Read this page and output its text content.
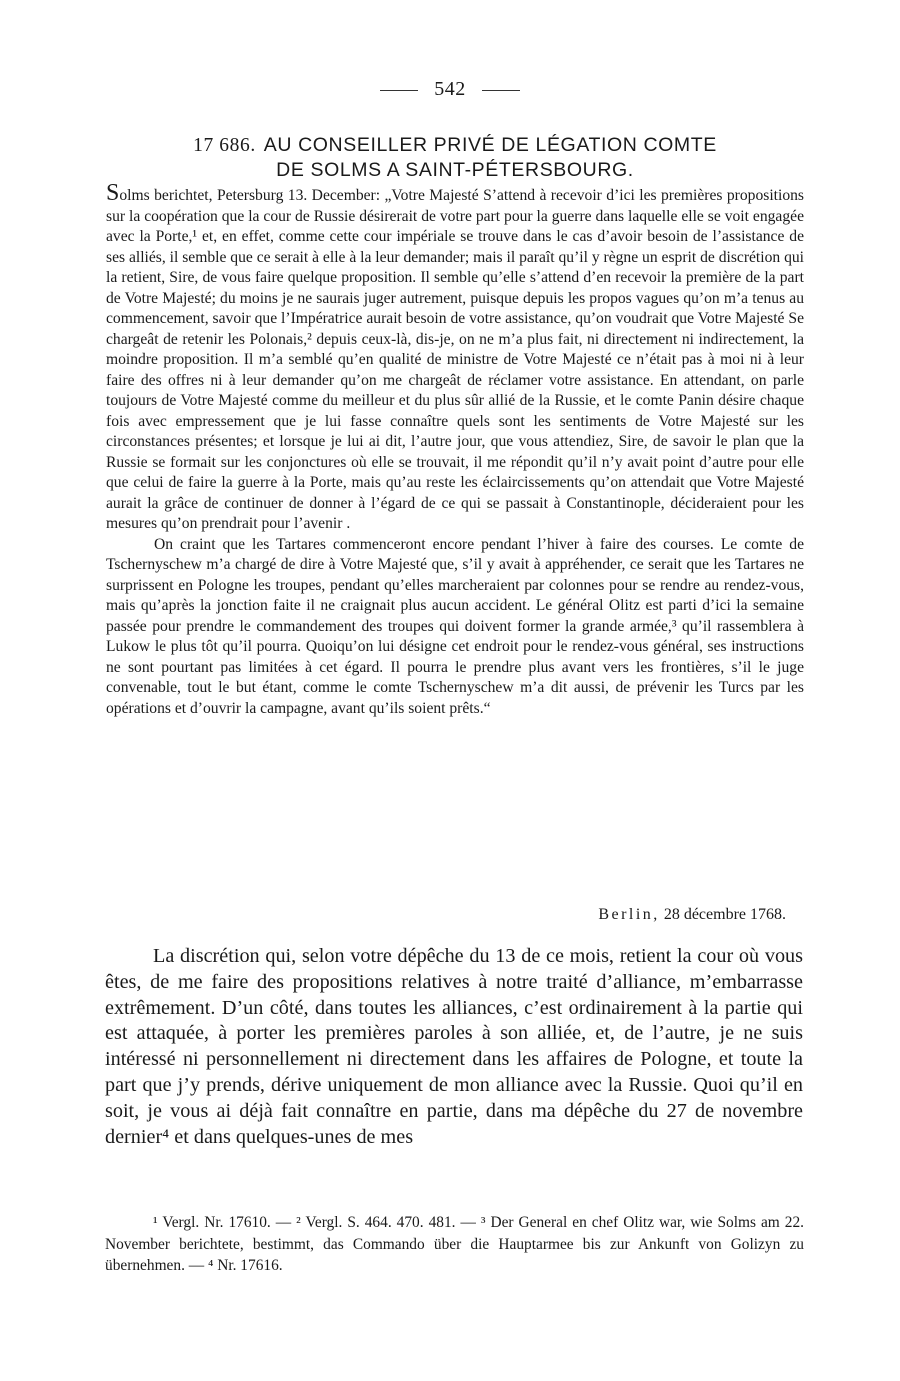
542
17 686. AU CONSEILLER PRIVÉ DE LÉGATION COMTE
DE SOLMS A SAINT-PÉTERSBOURG.

Solms berichtet, Petersburg 13. December: „Votre Majesté S’attend à recevoir d’ici les premières propositions sur la coopération que la cour de Russie désirerait de votre part pour la guerre dans laquelle elle se voit engagée avec la Porte,¹ et, en effet, comme cette cour impériale se trouve dans le cas d’avoir besoin de l’assistance de ses alliés, il semble que ce serait à elle à la leur demander; mais il paraît qu’il y règne un esprit de discrétion qui la retient, Sire, de vous faire quelque proposition. Il semble qu’elle s’attend d’en recevoir la première de la part de Votre Majesté; du moins je ne saurais juger autrement, puisque depuis les propos vagues qu’on m’a tenus au commencement, savoir que l’Impératrice aurait besoin de votre assistance, qu’on voudrait que Votre Majesté Se chargeât de retenir les Polonais,² depuis ceux-là, dis-je, on ne m’a plus fait, ni directement ni indirectement, la moindre proposition. Il m’a semblé qu’en qualité de ministre de Votre Majesté ce n’était pas à moi ni à leur faire des offres ni à leur demander qu’on me chargeât de réclamer votre assistance. En attendant, on parle toujours de Votre Majesté comme du meilleur et du plus sûr allié de la Russie, et le comte Panin désire chaque fois avec empressement que je lui fasse connaître quels sont les sentiments de Votre Majesté sur les circonstances présentes; et lorsque je lui ai dit, l’autre jour, que vous attendiez, Sire, de savoir le plan que la Russie se formait sur les conjonctures où elle se trouvait, il me répondit qu’il n’y avait point d’autre pour elle que celui de faire la guerre à la Porte, mais qu’au reste les éclaircissements qu’on attendait que Votre Majesté aurait la grâce de continuer de donner à l’égard de ce qui se passait à Constantinople, décideraient pour les mesures qu’on prendrait pour l’avenir .

On craint que les Tartares commenceront encore pendant l’hiver à faire des courses. Le comte de Tschernyschew m’a chargé de dire à Votre Majesté que, s’il y avait à appréhender, ce serait que les Tartares ne surprissent en Pologne les troupes, pendant qu’elles marcheraient par colonnes pour se rendre au rendez-vous, mais qu’après la jonction faite il ne craignait plus aucun accident. Le général Olitz est parti d’ici la semaine passée pour prendre le commandement des troupes qui doivent former la grande armée,³ qu’il rassemblera à Lukow le plus tôt qu’il pourra. Quoiqu’on lui désigne cet endroit pour le rendez-vous général, ses instructions ne sont pourtant pas limitées à cet égard. Il pourra le prendre plus avant vers les frontières, s’il le juge convenable, tout le but étant, comme le comte Tschernyschew m’a dit aussi, de prévenir les Turcs par les opérations et d’ouvrir la campagne, avant qu’ils soient prêts.“

Berlin, 28 décembre 1768.

La discrétion qui, selon votre dépêche du 13 de ce mois, retient la cour où vous êtes, de me faire des propositions relatives à notre traité d’alliance, m’embarrasse extrêmement. D’un côté, dans toutes les alliances, c’est ordinairement à la partie qui est attaquée, à porter les premières paroles à son alliée, et, de l’autre, je ne suis intéressé ni personnellement ni directement dans les affaires de Pologne, et toute la part que j’y prends, dérive uniquement de mon alliance avec la Russie. Quoi qu’il en soit, je vous ai déjà fait connaître en partie, dans ma dépêche du 27 de novembre dernier⁴ et dans quelques-unes de mes

¹ Vergl. Nr. 17610. — ² Vergl. S. 464. 470. 481. — ³ Der General en chef Olitz war, wie Solms am 22. November berichtete, bestimmt, das Commando über die Hauptarmee bis zur Ankunft von Golizyn zu übernehmen. — ⁴ Nr. 17616.
